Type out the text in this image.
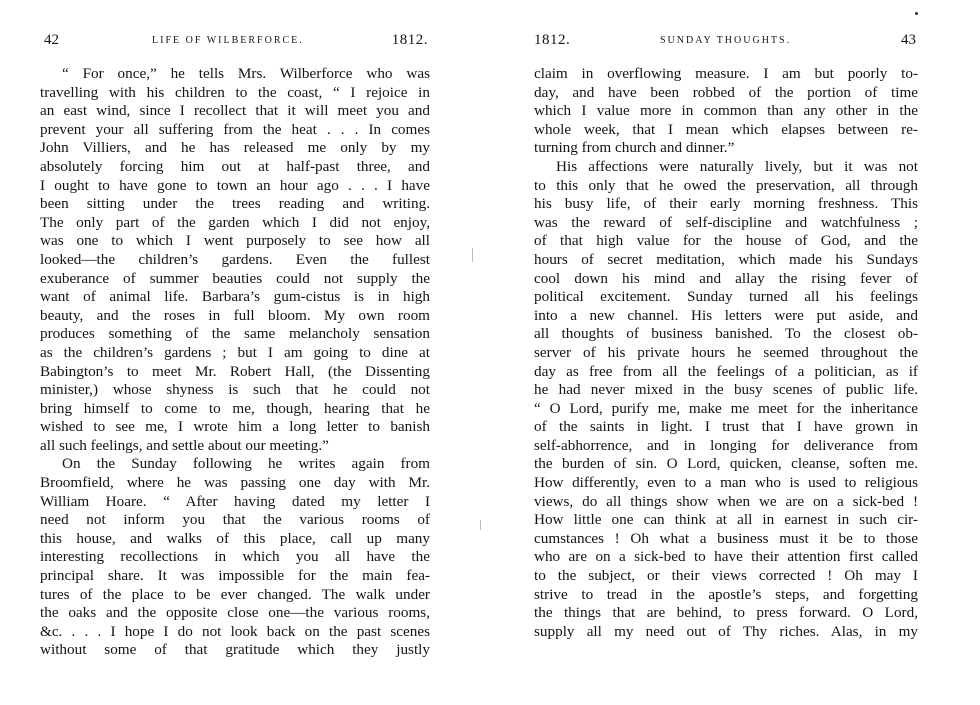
42	LIFE OF WILBERFORCE.	1812.
“ For once,” he tells Mrs. Wilberforce who was
travelling with his children to the coast, “ I rejoice in
an east wind, since I recollect that it will meet you and
prevent your all suffering from the heat . . . In comes
John Villiers, and he has released me only by my
absolutely forcing him out at half-past three, and
I ought to have gone to town an hour ago . . . I have
been sitting under the trees reading and writing.
The only part of the garden which I did not enjoy,
was one to which I went purposely to see how all
looked—the children’s gardens. Even the fullest
exuberance of summer beauties could not supply the
want of animal life. Barbara’s gum-cistus is in high
beauty, and the roses in full bloom. My own room
produces something of the same melancholy sensation
as the children’s gardens ; but I am going to dine at
Babington’s to meet Mr. Robert Hall, (the Dissenting
minister,) whose shyness is such that he could not
bring himself to come to me, though, hearing that he
wished to see me, I wrote him a long letter to banish
all such feelings, and settle about our meeting.”
On the Sunday following he writes again from
Broomfield, where he was passing one day with Mr.
William Hoare. “ After having dated my letter I
need not inform you that the various rooms of
this house, and walks of this place, call up many
interesting recollections in which you all have the
principal share. It was impossible for the main fea-
tures of the place to be ever changed. The walk under
the oaks and the opposite close one—the various rooms,
&c. . . . I hope I do not look back on the past scenes
without some of that gratitude which they justly
1812.	SUNDAY THOUGHTS.	43
claim in overflowing measure. I am but poorly to-
day, and have been robbed of the portion of time
which I value more in common than any other in the
whole week, that I mean which elapses between re-
turning from church and dinner.”
His affections were naturally lively, but it was not
to this only that he owed the preservation, all through
his busy life, of their early morning freshness. This
was the reward of self-discipline and watchfulness ;
of that high value for the house of God, and the
hours of secret meditation, which made his Sundays
cool down his mind and allay the rising fever of
political excitement. Sunday turned all his feelings
into a new channel. His letters were put aside, and
all thoughts of business banished. To the closest ob-
server of his private hours he seemed throughout the
day as free from all the feelings of a politician, as if
he had never mixed in the busy scenes of public life.
“ O Lord, purify me, make me meet for the inheritance
of the saints in light. I trust that I have grown in
self-abhorrence, and in longing for deliverance from
the burden of sin. O Lord, quicken, cleanse, soften me.
How differently, even to a man who is used to religious
views, do all things show when we are on a sick-bed !
How little one can think at all in earnest in such cir-
cumstances ! Oh what a business must it be to those
who are on a sick-bed to have their attention first called
to the subject, or their views corrected ! Oh may I
strive to tread in the apostle’s steps, and forgetting
the things that are behind, to press forward. O Lord,
supply all my need out of Thy riches. Alas, in my
